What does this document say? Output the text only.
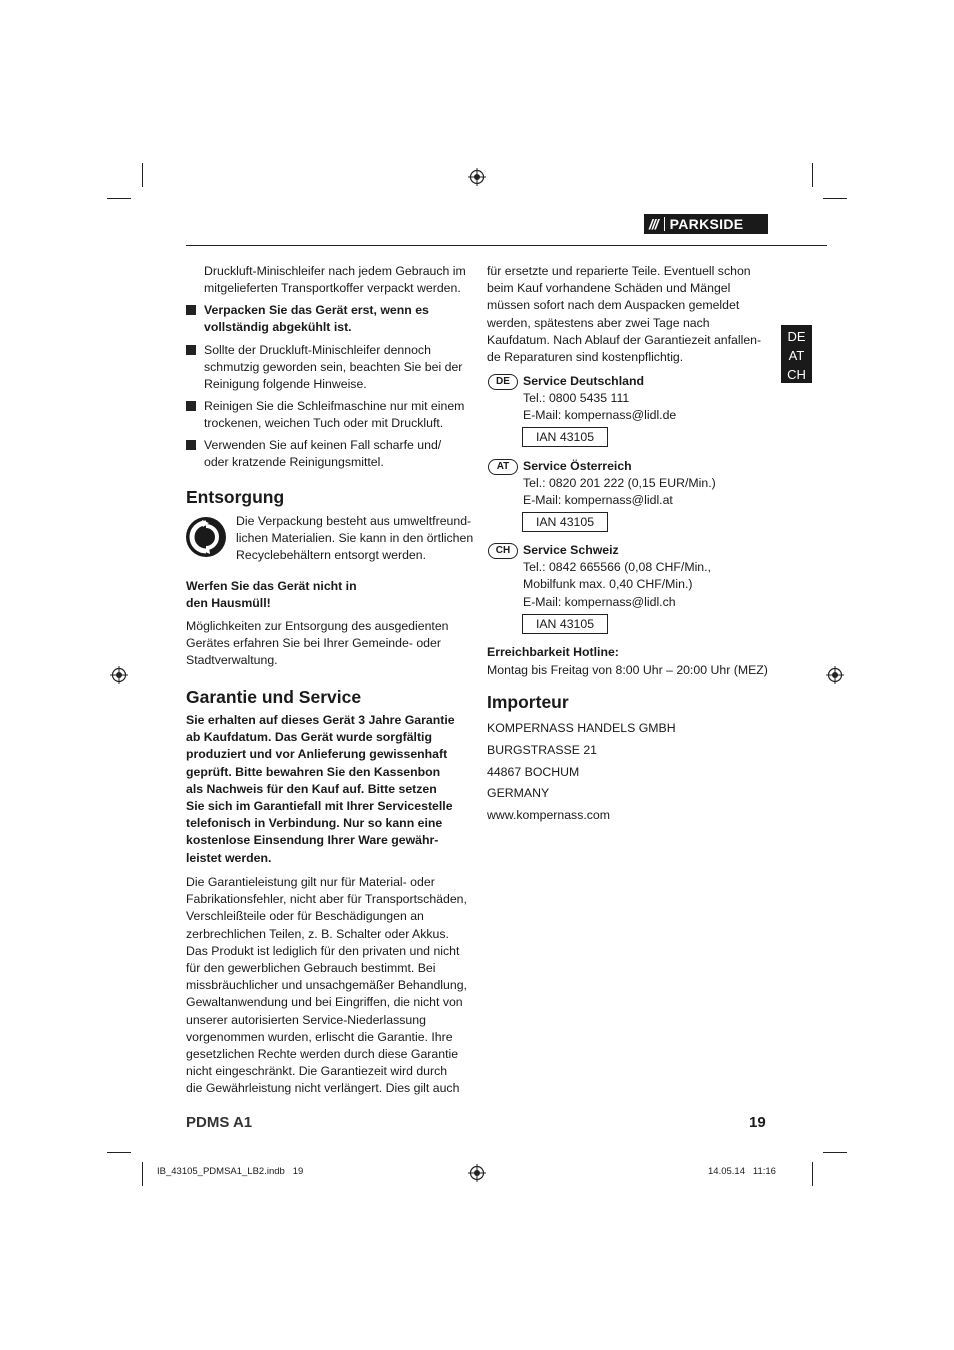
/// PARKSIDE
DE
AT
CH
Druckluft-Minischleifer nach jedem Gebrauch im
mitgelieferten Transportkoffer verpackt werden.
Verpacken Sie das Gerät erst, wenn es
vollständig abgekühlt ist.
Sollte der Druckluft-Minischleifer dennoch
schmutzig geworden sein, beachten Sie bei der
Reinigung folgende Hinweise.
Reinigen Sie die Schleifmaschine nur mit einem
trockenen, weichen Tuch oder mit Druckluft.
Verwenden Sie auf keinen Fall scharfe und/
oder kratzende Reinigungsmittel.
Entsorgung
Die Verpackung besteht aus umweltfreund-
lichen Materialien. Sie kann in den örtlichen
Recyclebehältern entsorgt werden.
Werfen Sie das Gerät nicht in
den Hausmüll!
Möglichkeiten zur Entsorgung des ausgedienten
Gerätes erfahren Sie bei Ihrer Gemeinde- oder
Stadtverwaltung.
Garantie und Service
Sie erhalten auf dieses Gerät 3 Jahre Garantie
ab Kaufdatum. Das Gerät wurde sorgfältig
produziert und vor Anlieferung gewissenhaft
geprüft. Bitte bewahren Sie den Kassenbon
als Nachweis für den Kauf auf. Bitte setzen
Sie sich im Garantiefall mit Ihrer Servicestelle
telefonisch in Verbindung. Nur so kann eine
kostenlose Einsendung Ihrer Ware gewähr-
leistet werden.
Die Garantieleistung gilt nur für Material- oder
Fabrikationsfehler, nicht aber für Transportschäden,
Verschleißteile oder für Beschädigungen an
zerbrechlichen Teilen, z. B. Schalter oder Akkus.
Das Produkt ist lediglich für den privaten und nicht
für den gewerblichen Gebrauch bestimmt. Bei
missbräuchlicher und unsachgemäßer Behandlung,
Gewaltanwendung und bei Eingriffen, die nicht von
unserer autorisierten Service-Niederlassung
vorgenommen wurden, erlischt die Garantie. Ihre
gesetzlichen Rechte werden durch diese Garantie
nicht eingeschränkt. Die Garantiezeit wird durch
die Gewährleistung nicht verlängert. Dies gilt auch
für ersetzte und reparierte Teile. Eventuell schon
beim Kauf vorhandene Schäden und Mängel
müssen sofort nach dem Auspacken gemeldet
werden, spätestens aber zwei Tage nach
Kaufdatum. Nach Ablauf der Garantiezeit anfallen-
de Reparaturen sind kostenpflichtig.
DE	Service Deutschland
Tel.: 0800 5435 111
E-Mail: kompernass@lidl.de
IAN 43105
AT	Service Österreich
Tel.: 0820 201 222 (0,15 EUR/Min.)
E-Mail: kompernass@lidl.at
IAN 43105
CH	Service Schweiz
Tel.: 0842 665566 (0,08 CHF/Min.,
Mobilfunk max. 0,40 CHF/Min.)
E-Mail: kompernass@lidl.ch
IAN 43105
Erreichbarkeit Hotline:
Montag bis Freitag von 8:00 Uhr – 20:00 Uhr (MEZ)
Importeur
KOMPERNASS HANDELS GMBH
BURGSTRASSE 21
44867 BOCHUM
GERMANY
www.kompernass.com
PDMS A1	19
IB_43105_PDMSA1_LB2.indb   19	14.05.14   11:16
